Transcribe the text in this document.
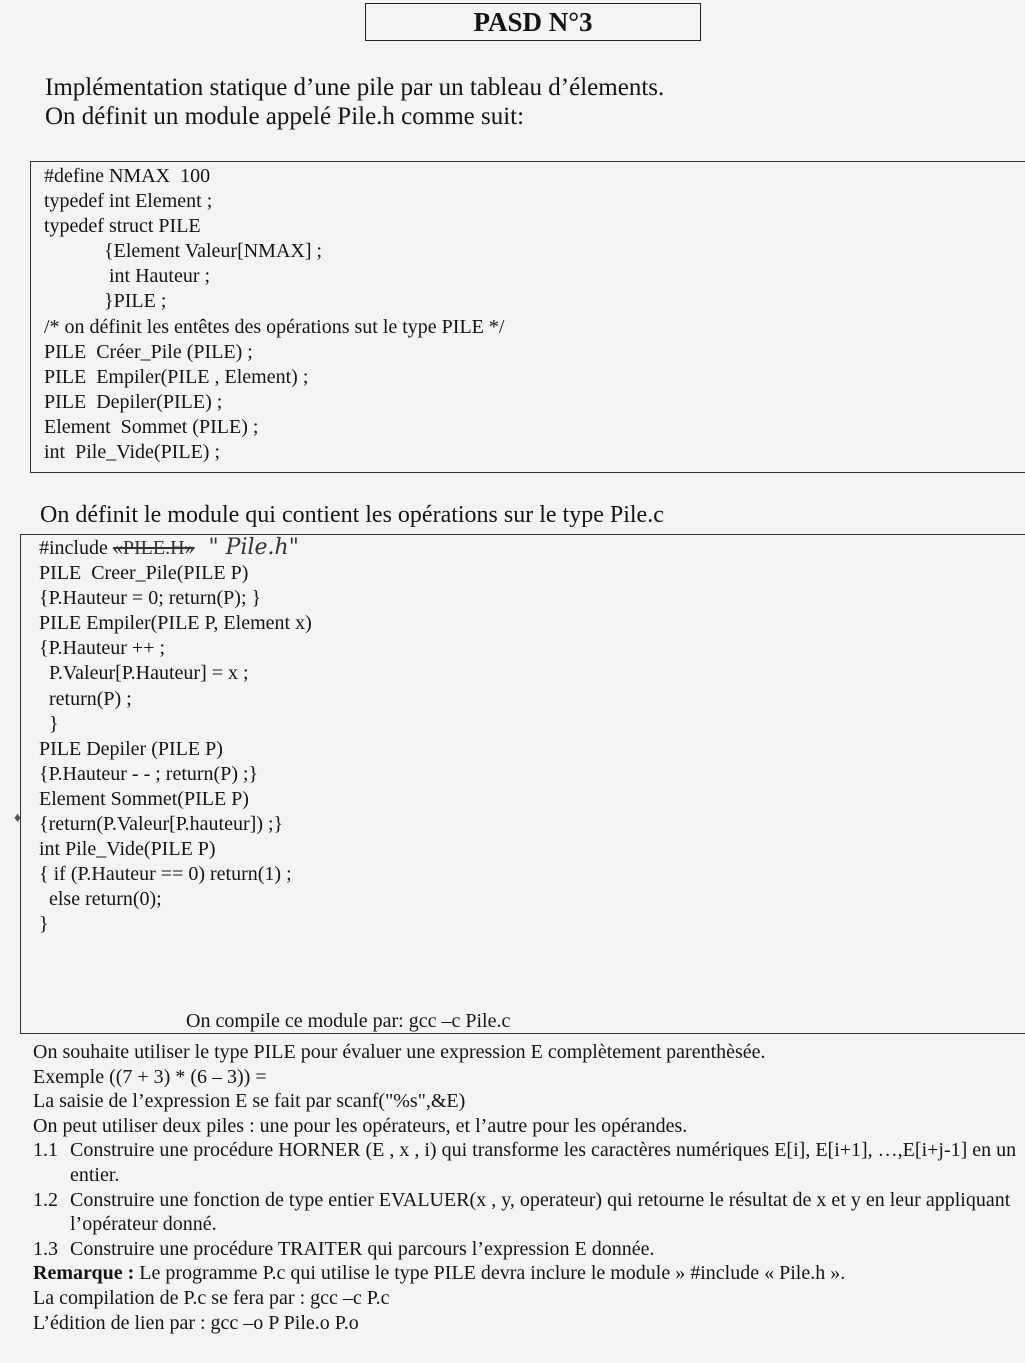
PASD N°3
Implémentation statique d’une pile par un tableau d’élements.
On définit un module appelé Pile.h comme suit:
#define NMAX  100
typedef int Element ;
typedef struct PILE
{Element Valeur[NMAX] ;
int Hauteur ;
}PILE ;
/* on définit les entêtes des opérations sut le type PILE */
PILE  Créer_Pile (PILE) ;
PILE  Empiler(PILE , Element) ;
PILE  Depiler(PILE) ;
Element  Sommet (PILE) ;
int  Pile_Vide(PILE) ;
On définit le module qui contient les opérations sur le type Pile.c
♦
#include «PILE.H»  " Pile.h"
PILE  Creer_Pile(PILE P)
{P.Hauteur = 0; return(P); }
PILE Empiler(PILE P, Element x)
{P.Hauteur ++ ;
P.Valeur[P.Hauteur] = x ;
return(P) ;
}
PILE Depiler (PILE P)
{P.Hauteur - - ; return(P) ;}
Element Sommet(PILE P)
{return(P.Valeur[P.hauteur]) ;}
int Pile_Vide(PILE P)
{ if (P.Hauteur == 0) return(1) ;
else return(0);
}
On compile ce module par: gcc –c Pile.c
On souhaite utiliser le type PILE pour évaluer une expression E complètement parenthèsée.
Exemple ((7 + 3) * (6 – 3)) =
La saisie de l’expression E se fait par scanf("%s",&E)
On peut utiliser deux piles : une pour les opérateurs, et l’autre pour les opérandes.
1.1 Construire une procédure HORNER (E , x , i) qui transforme les caractères numériques E[i], E[i+1], …,E[i+j-1] en un entier.
1.2 Construire une fonction de type entier EVALUER(x , y, operateur) qui retourne le résultat de x et y en leur appliquant l’opérateur donné.
1.3 Construire une procédure TRAITER qui parcours l’expression E donnée.
Remarque : Le programme P.c qui utilise le type PILE devra inclure le module » #include « Pile.h ».
La compilation de P.c se fera par : gcc –c P.c
L’édition de lien par : gcc –o P Pile.o P.o
